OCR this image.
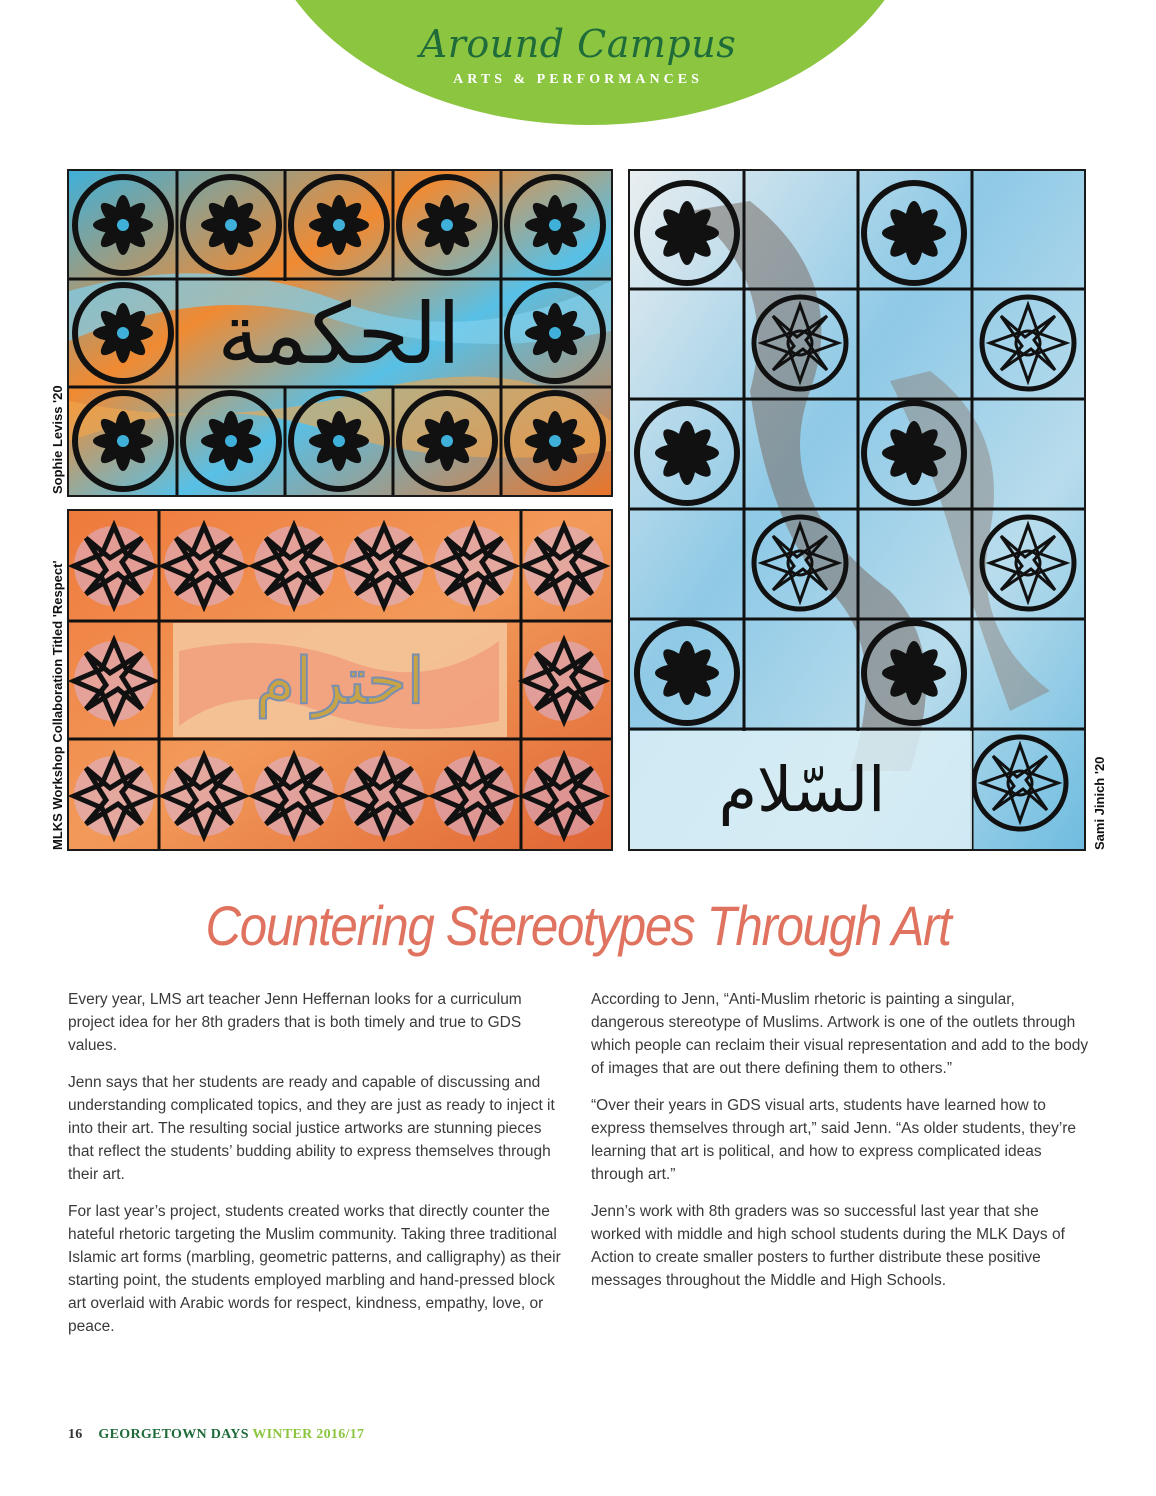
Around Campus
ARTS & PERFORMANCES
الحكمة
احترام
السّلام
Sophie Leviss '20
MLKS Workshop Collaboration Titled 'Respect'	Sami Jinich '20
Countering Stereotypes Through Art

Every year, LMS art teacher Jenn Heffernan looks for a curriculum project idea for her 8th graders that is both timely and true to GDS values.

Jenn says that her students are ready and capable of discussing and understanding complicated topics, and they are just as ready to inject it into their art. The resulting social justice artworks are stunning pieces that reflect the students’ budding ability to express themselves through their art.

For last year’s project, students created works that directly counter the hateful rhetoric targeting the Muslim community. Taking three traditional Islamic art forms (marbling, geometric patterns, and calligraphy) as their starting point, the students employed marbling and hand-pressed block art overlaid with Arabic words for respect, kindness, empathy, love, or peace.

According to Jenn, “Anti-Muslim rhetoric is painting a singular, dangerous stereotype of Muslims. Artwork is one of the outlets through which people can reclaim their visual representation and add to the body of images that are out there defining them to others.”

“Over their years in GDS visual arts, students have learned how to express themselves through art,” said Jenn. “As older students, they’re learning that art is political, and how to express complicated ideas through art.”

Jenn’s work with 8th graders was so successful last year that she worked with middle and high school students during the MLK Days of Action to create smaller posters to further distribute these positive messages throughout the Middle and High Schools.

16 GEORGETOWN DAYS WINTER 2016/17
